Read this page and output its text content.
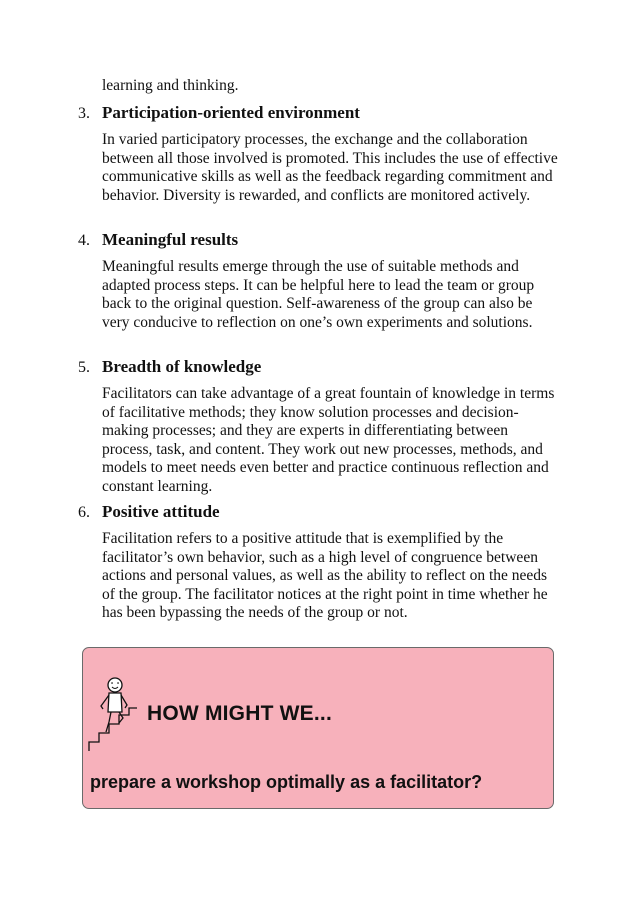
learning and thinking.
3. Participation-oriented environment
In varied participatory processes, the exchange and the collaboration between all those involved is promoted. This includes the use of effective communicative skills as well as the feedback regarding commitment and behavior. Diversity is rewarded, and conflicts are monitored actively.
4. Meaningful results
Meaningful results emerge through the use of suitable methods and adapted process steps. It can be helpful here to lead the team or group back to the original question. Self-awareness of the group can also be very conducive to reflection on one’s own experiments and solutions.
5. Breadth of knowledge
Facilitators can take advantage of a great fountain of knowledge in terms of facilitative methods; they know solution processes and decision-making processes; and they are experts in differentiating between process, task, and content. They work out new processes, methods, and models to meet needs even better and practice continuous reflection and constant learning.
6. Positive attitude
Facilitation refers to a positive attitude that is exemplified by the facilitator’s own behavior, such as a high level of congruence between actions and personal values, as well as the ability to reflect on the needs of the group. The facilitator notices at the right point in time whether he has been bypassing the needs of the group or not.
HOW MIGHT WE...
prepare a workshop optimally as a facilitator?
